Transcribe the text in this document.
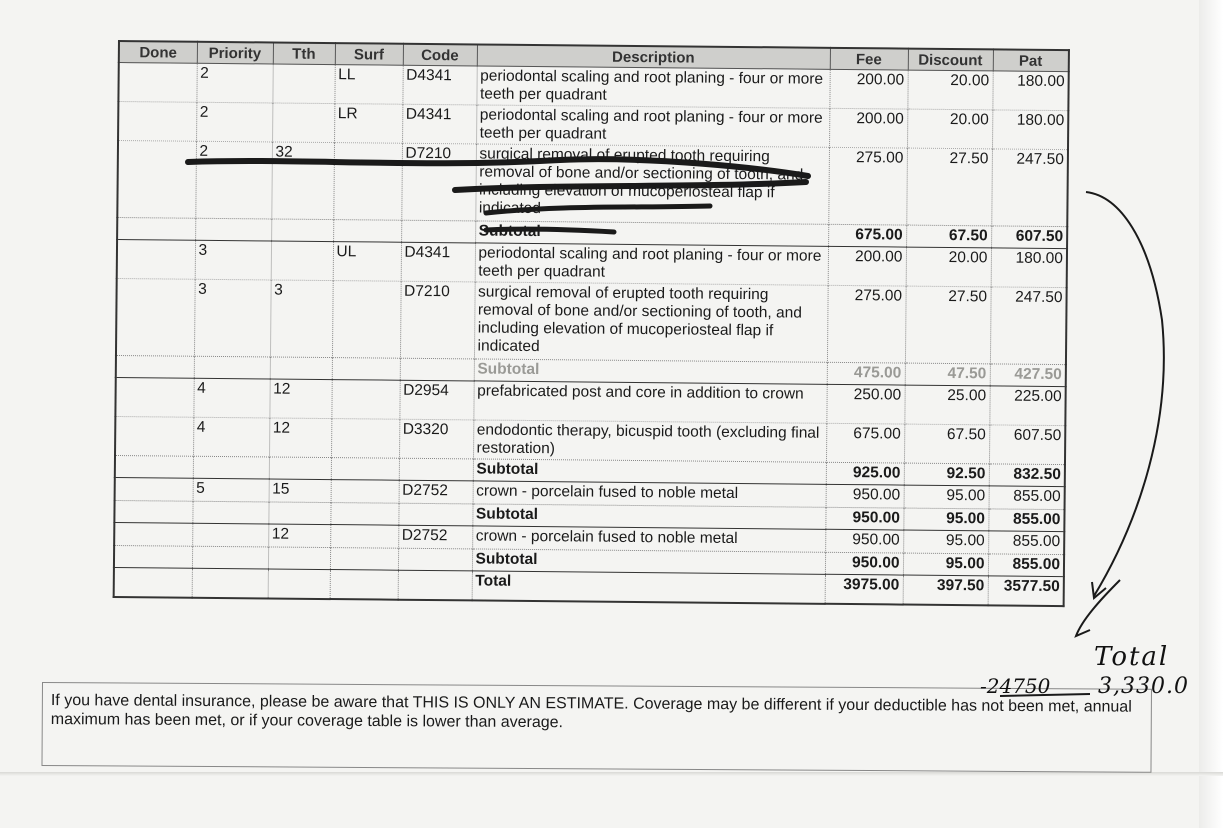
Done	Priority	Tth	Surf	Code	Description	Fee	Discount	Pat
	2		LL	D4341	periodontal scaling and root planing - four or more teeth per quadrant	200.00	20.00	180.00
	2		LR	D4341	periodontal scaling and root planing - four or more teeth per quadrant	200.00	20.00	180.00
	2	32		D7210	surgical removal of erupted tooth requiring removal of bone and/or sectioning of tooth, and including elevation of mucoperiosteal flap if indicated	275.00	27.50	247.50
					Subtotal	675.00	67.50	607.50
	3		UL	D4341	periodontal scaling and root planing - four or more teeth per quadrant	200.00	20.00	180.00
	3	3		D7210	surgical removal of erupted tooth requiring removal of bone and/or sectioning of tooth, and including elevation of mucoperiosteal flap if indicated	275.00	27.50	247.50
					Subtotal	475.00	47.50	427.50
	4	12		D2954	prefabricated post and core in addition to crown	250.00	25.00	225.00
	4	12		D3320	endodontic therapy, bicuspid tooth (excluding final restoration)	675.00	67.50	607.50
					Subtotal	925.00	92.50	832.50
	5	15		D2752	crown - porcelain fused to noble metal	950.00	95.00	855.00
					Subtotal	950.00	95.00	855.00
		12		D2752	crown - porcelain fused to noble metal	950.00	95.00	855.00
					Subtotal	950.00	95.00	855.00
					Total	3975.00	397.50	3577.50
If you have dental insurance, please be aware that THIS IS ONLY AN ESTIMATE. Coverage may be different if your deductible has not been met, annual maximum has been met, or if your coverage table is lower than average.
Total
-24750 3,330.0
